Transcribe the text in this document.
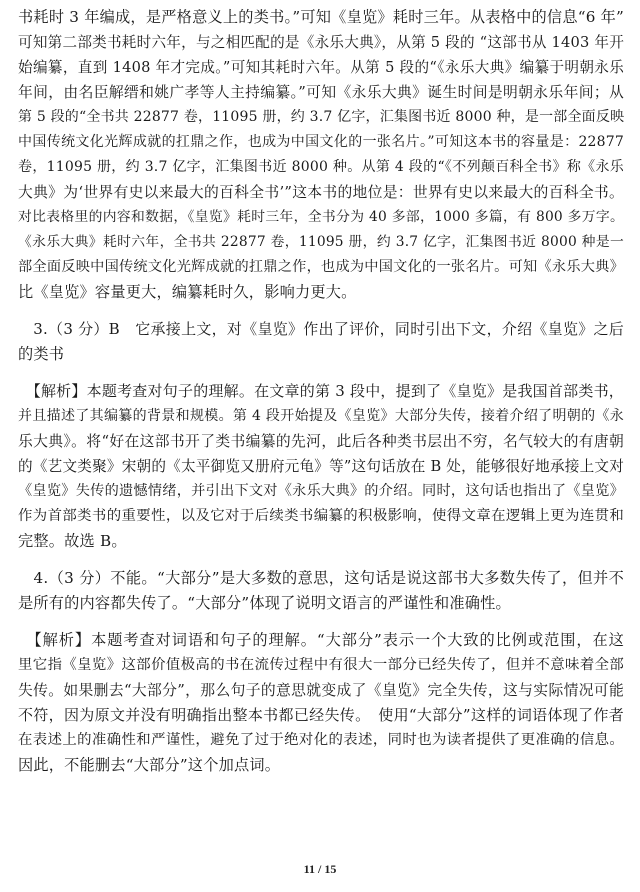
书耗时 3 年编成，是严格意义上的类书。”可知《皇览》耗时三年。从表格中的信息“6 年”
可知第二部类书耗时六年，与之相匹配的是《永乐大典》，从第 5 段的 “这部书从 1403 年开
始编纂，直到 1408 年才完成。”可知其耗时六年。从第 5 段的“《永乐大典》编纂于明朝永乐
年间，由名臣解缙和姚广孝等人主持编纂。”可知《永乐大典》诞生时间是明朝永乐年间；从
第 5 段的“全书共 22877 卷，11095 册，约 3.7 亿字，汇集图书近 8000 种，是一部全面反映
中国传统文化光辉成就的扛鼎之作，也成为中国文化的一张名片。”可知这本书的容量是：22877
卷，11095 册，约 3.7 亿字，汇集图书近 8000 种。从第 4 段的“《不列颠百科全书》称《永乐
大典》为‘世界有史以来最大的百科全书’”这本书的地位是：世界有史以来最大的百科全书。
对比表格里的内容和数据，《皇览》耗时三年，全书分为 40 多部，1000 多篇，有 800 多万字。
《永乐大典》耗时六年，全书共 22877 卷，11095 册，约 3.7 亿字，汇集图书近 8000 种是一
部全面反映中国传统文化光辉成就的扛鼎之作，也成为中国文化的一张名片。可知《永乐大典》
比《皇览》容量更大，编纂耗时久，影响力更大。
　3.（3 分）B　它承接上文，对《皇览》作出了评价，同时引出下文，介绍《皇览》之后
的类书
　【解析】本题考查对句子的理解。在文章的第 3 段中，提到了《皇览》是我国首部类书，
并且描述了其编纂的背景和规模。第 4 段开始提及《皇览》大部分失传，接着介绍了明朝的《永
乐大典》。将“好在这部书开了类书编纂的先河，此后各种类书层出不穷，名气较大的有唐朝
的《艺文类聚》宋朝的《太平御览又册府元龟》等”这句话放在 B 处，能够很好地承接上文对
《皇览》失传的遗憾情绪，并引出下文对《永乐大典》的介绍。同时，这句话也指出了《皇览》
作为首部类书的重要性，以及它对于后续类书编纂的积极影响，使得文章在逻辑上更为连贯和
完整。故选 B。
　4.（3 分）不能。“大部分”是大多数的意思，这句话是说这部书大多数失传了，但并不
是所有的内容都失传了。“大部分”体现了说明文语言的严谨性和准确性。
　【解析】本题考查对词语和句子的理解。“大部分”表示一个大致的比例或范围，在这
里它指《皇览》这部价值极高的书在流传过程中有很大一部分已经失传了，但并不意味着全部
失传。如果删去“大部分”，那么句子的意思就变成了《皇览》完全失传，这与实际情况可能
不符，因为原文并没有明确指出整本书都已经失传。　使用“大部分”这样的词语体现了作者
在表述上的准确性和严谨性，避免了过于绝对化的表述，同时也为读者提供了更准确的信息。
因此，不能删去“大部分”这个加点词。
11 / 15
